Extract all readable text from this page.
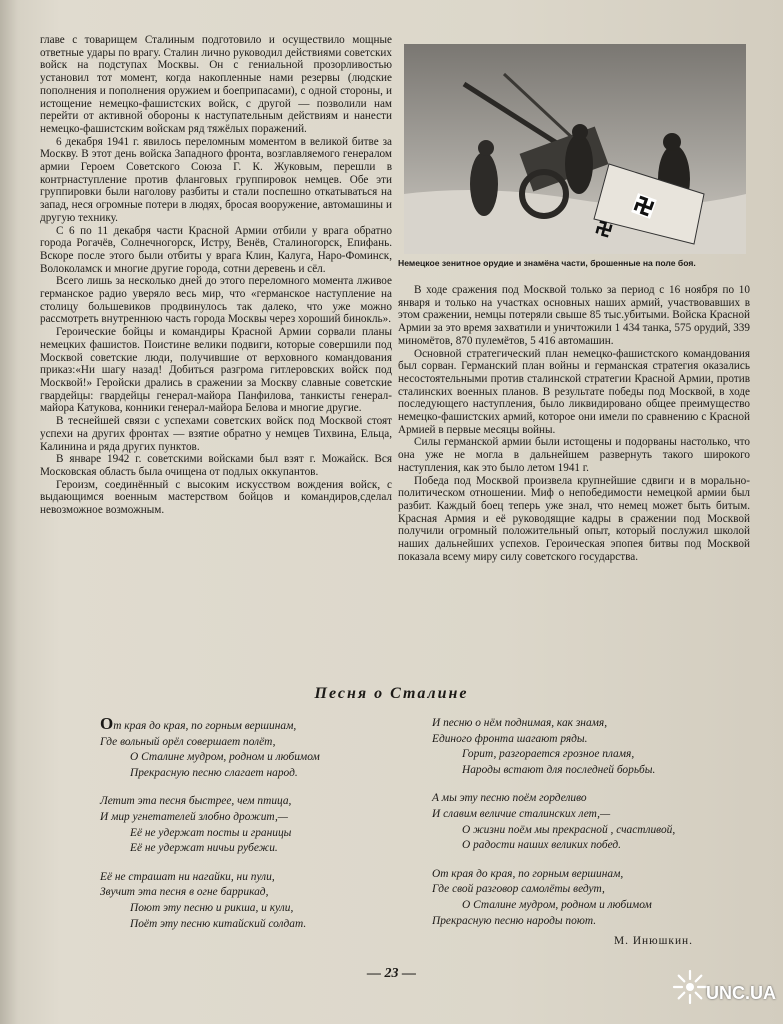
главе с товарищем Сталиным подготовило и осуществило мощные ответные удары по врагу. Сталин лично руководил действиями советских войск на подступах Москвы. Он с гениальной прозорливостью установил тот момент, когда накопленные нами резервы (людские пополнения и пополнения оружием и боеприпасами), с одной стороны, и истощение немецко-фашистских войск, с другой — позволили нам перейти от активной обороны к наступательным действиям и нанести немецко-фашистским войскам ряд тяжёлых поражений.

6 декабря 1941 г. явилось переломным моментом в великой битве за Москву. В этот день войска Западного фронта, возглавляемого генералом армии Героем Советского Союза Г. К. Жуковым, перешли в контрнаступление против фланговых группировок немцев. Обе эти группировки были наголову разбиты и стали поспешно откатываться на запад, неся огромные потери в людях, бросая вооружение, автомашины и другую технику.

С 6 по 11 декабря части Красной Армии отбили у врага обратно города Рогачёв, Солнечногорск, Истру, Венёв, Сталиногорск, Епифань. Вскоре после этого были отбиты у врага Клин, Калуга, Наро-Фоминск, Волоколамск и многие другие города, сотни деревень и сёл.

Всего лишь за несколько дней до этого переломного момента лживое германское радио уверяло весь мир, что «германское наступление на столицу большевиков продвинулось так далеко, что уже можно рассмотреть внутреннюю часть города Москвы через хороший бинокль».

Героические бойцы и командиры Красной Армии сорвали планы немецких фашистов. Поистине велики подвиги, которые совершили под Москвой советские люди, получившие от верховного командования приказ:«Ни шагу назад! Добиться разгрома гитлеровских войск под Москвой!» Геройски дрались в сражении за Москву славные советские гвардейцы: гвардейцы генерал-майора Панфилова, танкисты генерал-майора Катукова, конники генерал-майора Белова и многие другие.

В теснейшей связи с успехами советских войск под Москвой стоят успехи на других фронтах — взятие обратно у немцев Тихвина, Ельца, Калинина и ряда других пунктов.

В январе 1942 г. советскими войсками был взят г. Можайск. Вся Московская область была очищена от подлых оккупантов.

Героизм, соединённый с высоким искусством вождения войск, с выдающимся военным мастерством бойцов и командиров,сделал невозможное возможным.

Немецкое зенитное орудие и знамёна части, брошенные на поле боя.

В ходе сражения под Москвой только за период с 16 ноября по 10 января и только на участках основных наших армий, участвовавших в этом сражении, немцы потеряли свыше 85 тыс.убитыми. Войска Красной Армии за это время захватили и уничтожили 1 434 танка, 575 орудий, 339 миномётов, 870 пулемётов, 5 416 автомашин.

Основной стратегический план немецко-фашистского командования был сорван. Германский план войны и германская стратегия оказались несостоятельными против сталинской стратегии Красной Армии, против сталинских военных планов. В результате победы под Москвой, в ходе последующего наступления, было ликвидировано общее преимущество немецко-фашистских армий, которое они имели по сравнению с Красной Армией в первые месяцы войны.

Силы германской армии были истощены и подорваны настолько, что она уже не могла в дальнейшем развернуть такого широкого наступления, как это было летом 1941 г.

Победа под Москвой произвела крупнейшие сдвиги и в морально-политическом отношении. Миф о непобедимости немецкой армии был разбит. Каждый боец теперь уже знал, что немец может быть битым. Красная Армия и её руководящие кадры в сражении под Москвой получили огромный положительный опыт, который послужил школой наших дальнейших успехов. Героическая эпопея битвы под Москвой показала всему миру силу советского государства.

Песня о Сталине
От края до края, по горным вершинам,
Где вольный орёл совершает полёт,
О Сталине мудром, родном и любимом
Прекрасную песню слагает народ.
Летит эта песня быстрее, чем птица,
И мир угнетателей злобно дрожит,—
Её не удержат посты и границы
Её не удержат ничьи рубежи.
Её не страшат ни нагайки, ни пули,
Звучит эта песня в огне баррикад,
Поют эту песню и рикша, и кули,
Поёт эту песню китайский солдат.
И песню о нём поднимая, как знамя,
Единого фронта шагают ряды.
Горит, разгорается грозное пламя,
Народы встают для последней борьбы.
А мы эту песню поём горделиво
И славим величие сталинских лет,—
О жизни поём мы прекрасной , счастливой,
О радости наших великих побед.
От края до края, по горным вершинам,
Где свой разговор самолёты ведут,
О Сталине мудром, родном и любимом
Прекрасную песню народы поют.
М. Инюшкин.
— 23 —
UNC.UA
